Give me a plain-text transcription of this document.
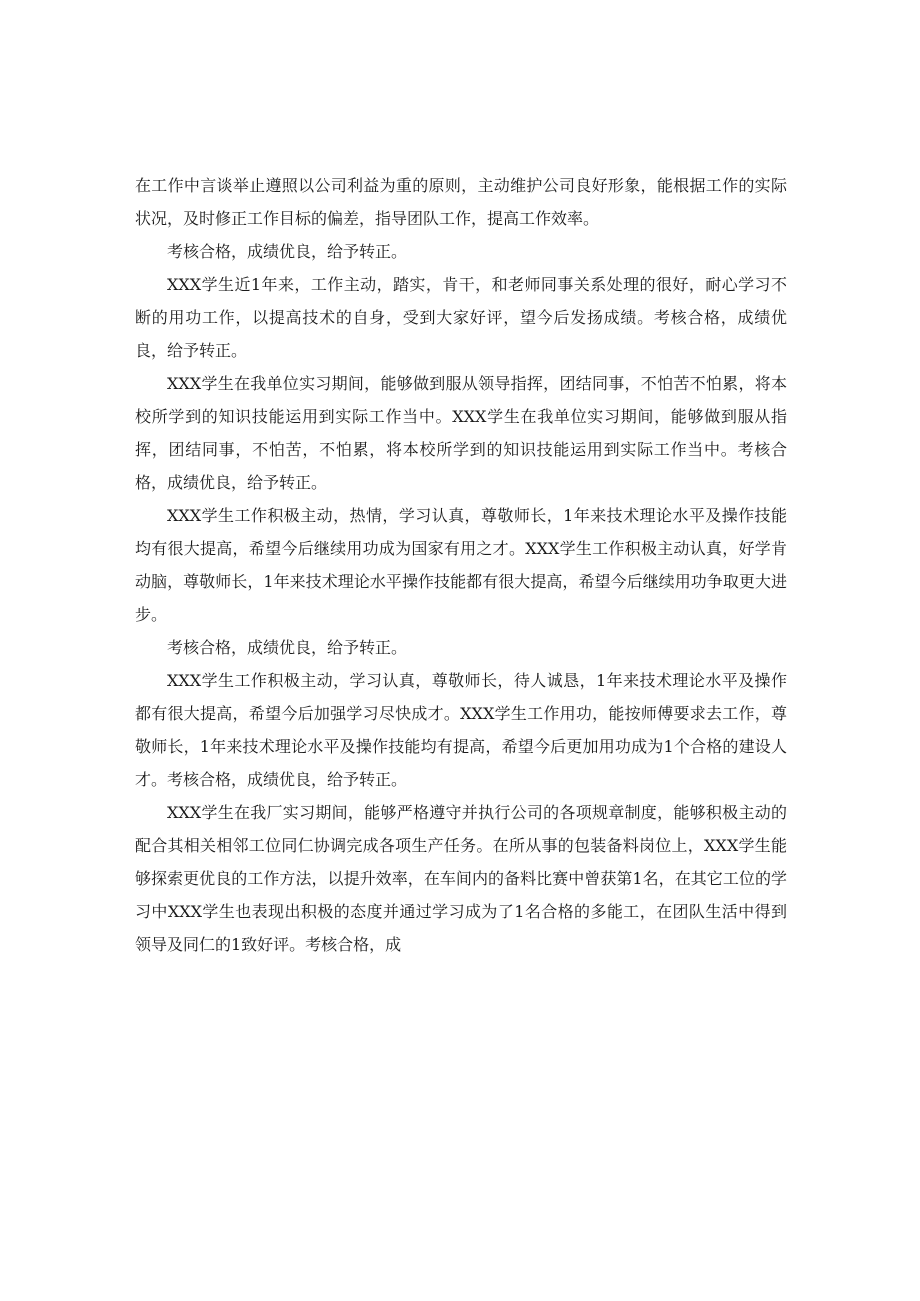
在工作中言谈举止遵照以公司利益为重的原则，主动维护公司良好形象，能根据工作的实际状况，及时修正工作目标的偏差，指导团队工作，提高工作效率。

考核合格，成绩优良，给予转正。

XXX学生近1年来，工作主动，踏实，肯干，和老师同事关系处理的很好，耐心学习不断的用功工作，以提高技术的自身，受到大家好评，望今后发扬成绩。考核合格，成绩优良，给予转正。

XXX学生在我单位实习期间，能够做到服从领导指挥，团结同事，不怕苦不怕累，将本校所学到的知识技能运用到实际工作当中。XXX学生在我单位实习期间，能够做到服从指挥，团结同事，不怕苦，不怕累，将本校所学到的知识技能运用到实际工作当中。考核合格，成绩优良，给予转正。

XXX学生工作积极主动，热情，学习认真，尊敬师长，1年来技术理论水平及操作技能均有很大提高，希望今后继续用功成为国家有用之才。XXX学生工作积极主动认真，好学肯动脑，尊敬师长，1年来技术理论水平操作技能都有很大提高，希望今后继续用功争取更大进步。

考核合格，成绩优良，给予转正。

XXX学生工作积极主动，学习认真，尊敬师长，待人诚恳，1年来技术理论水平及操作都有很大提高，希望今后加强学习尽快成才。XXX学生工作用功，能按师傅要求去工作，尊敬师长，1年来技术理论水平及操作技能均有提高，希望今后更加用功成为1个合格的建设人才。考核合格，成绩优良，给予转正。

XXX学生在我厂实习期间，能够严格遵守并执行公司的各项规章制度，能够积极主动的配合其相关相邻工位同仁协调完成各项生产任务。在所从事的包装备料岗位上，XXX学生能够探索更优良的工作方法，以提升效率，在车间内的备料比赛中曾获第1名，在其它工位的学习中XXX学生也表现出积极的态度并通过学习成为了1名合格的多能工，在团队生活中得到领导及同仁的1致好评。考核合格，成
